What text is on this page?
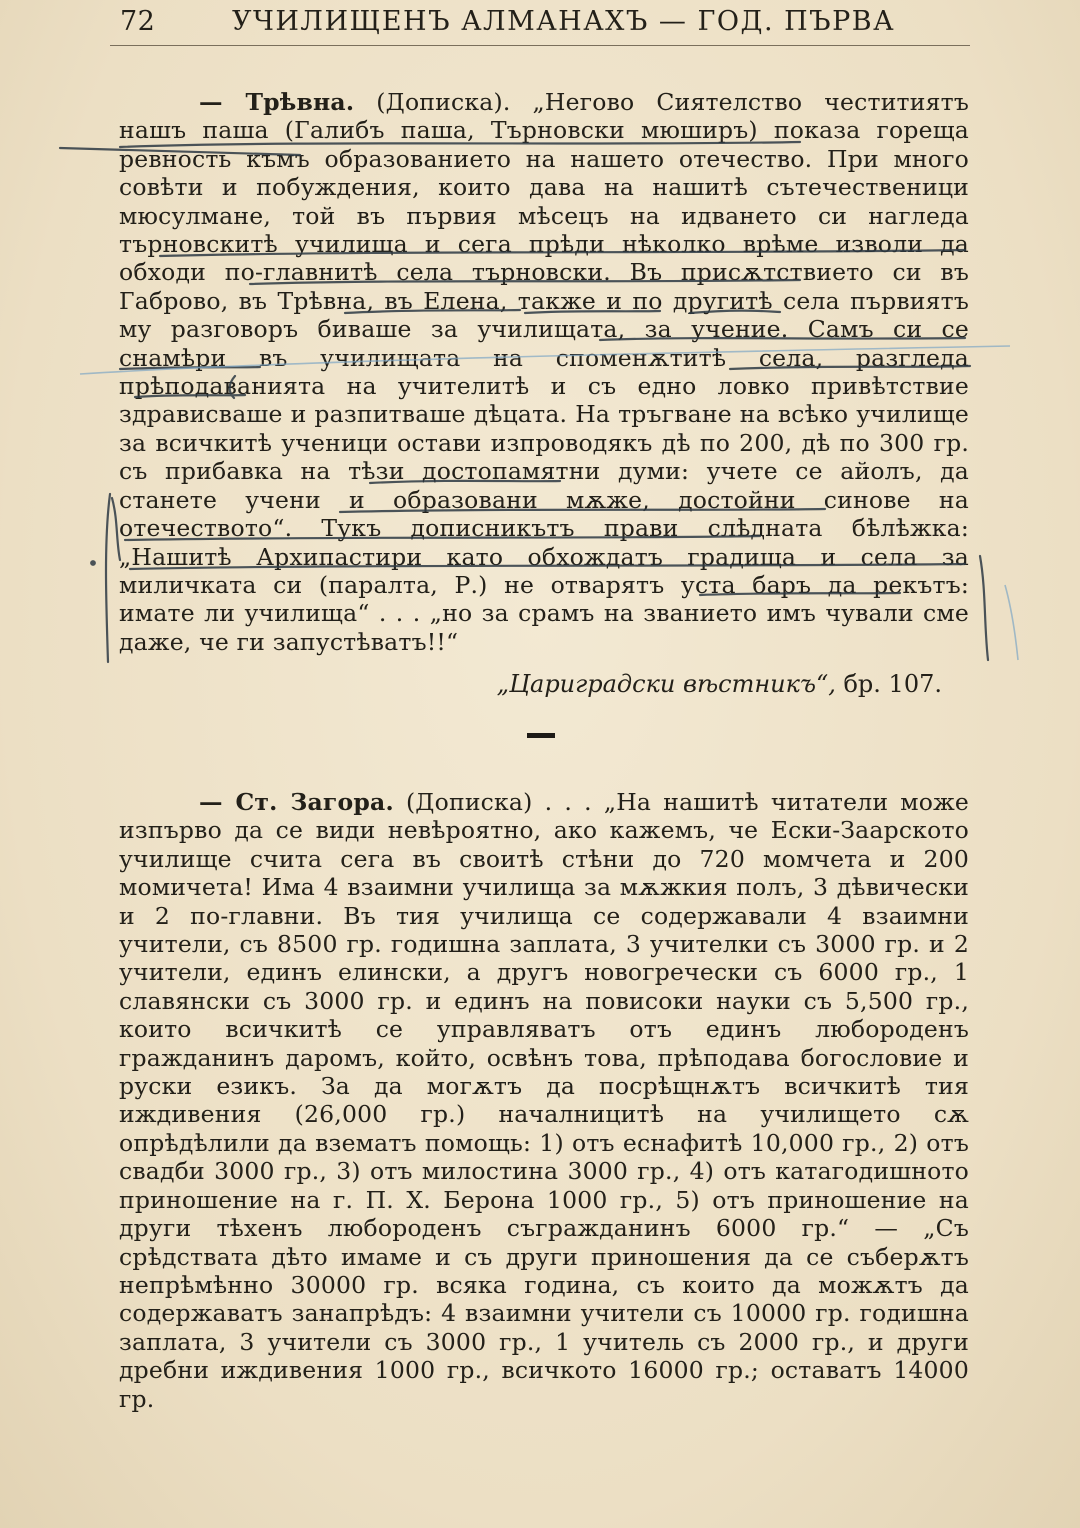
72	УЧИЛИЩЕНЪ АЛМАНАХЪ — ГОД. ПЪРВА

— Трѣвна. (Дописка). „Негово Сиятелство честитиятъ нашъ паша (Галибъ паша, Търновски мюширъ) показа гореща ревность къмъ образованието на нашето отечество. При много совѣти и побуждения, които дава на нашитѣ сътечественици мюсулмане, той въ първия мѣсецъ на идването си нагледа търновскитѣ училища и сега прѣди нѣколко врѣме изволи да обходи по-главнитѣ села търновски. Въ присѫтствието си въ Габрово, въ Трѣвна, въ Елена, также и по другитѣ села първиятъ му разговоръ биваше за училищата, за учение. Самъ си се снамѣри въ училищата на споменѫтитѣ села, разгледа прѣподаванията на учителитѣ и съ едно ловко привѣтствие здрависваше и разпитваше дѣцата. На тръгване на всѣко училище за всичкитѣ ученици остави изпроводякъ дѣ по 200, дѣ по 300 гр. съ прибавка на тѣзи достопамятни думи: учете се айолъ, да станете учени и образовани мѫже, достойни синове на отечеството“. Тукъ дописникътъ прави слѣдната бѣлѣжка: „Нашитѣ Архипастири като обхождатъ градища и села за миличката си (паралта, Р.) не отварятъ уста баръ да рекътъ: имате ли училища“ . . . „но за срамъ на званието имъ чували сме даже, че ги запустѣватъ!!“

„Цариградски вѣстникъ“, бр. 107.

— Ст. Загора. (Дописка) . . . „На нашитѣ читатели може изпърво да се види невѣроятно, ако кажемъ, че Ески-Заарското училище счита сега въ своитѣ стѣни до 720 момчета и 200 момичета! Има 4 взаимни училища за мѫжкия полъ, 3 дѣвически и 2 по-главни. Въ тия училища се содержавали 4 взаимни учители, съ 8500 гр. годишна заплата, 3 учителки съ 3000 гр. и 2 учители, единъ елински, а другъ новогрeчески съ 6000 гр., 1 славянски съ 3000 гр. и единъ на повисоки науки съ 5,500 гр., които всичкитѣ се управляватъ отъ единъ любороденъ гражданинъ даромъ, който, освѣнъ това, прѣподава богословие и руски езикъ. За да могѫтъ да посрѣщнѫтъ всичкитѣ тия иждивения (26,000 гр.) началницитѣ на училището сѫ опрѣдѣлили да взематъ помощь: 1) отъ еснафитѣ 10,000 гр., 2) отъ свадби 3000 гр., 3) отъ милостина 3000 гр., 4) отъ катагодишното приношение на г. П. Х. Берона 1000 гр., 5) отъ приношение на други тѣхенъ любороденъ съгражданинъ 6000 гр.“ — „Съ срѣдствата дѣто имаме и съ други приношения да се съберѫтъ непрѣмѣнно 30000 гр. всяка година, съ които да можѫтъ да содержаватъ занапрѣдъ: 4 взаимни учители съ 10000 гр. годишна заплата, 3 учители съ 3000 гр., 1 учитель съ 2000 гр., и други дребни иждивения 1000 гр., всичкото 16000 гр.; оставатъ 14000 гр.
